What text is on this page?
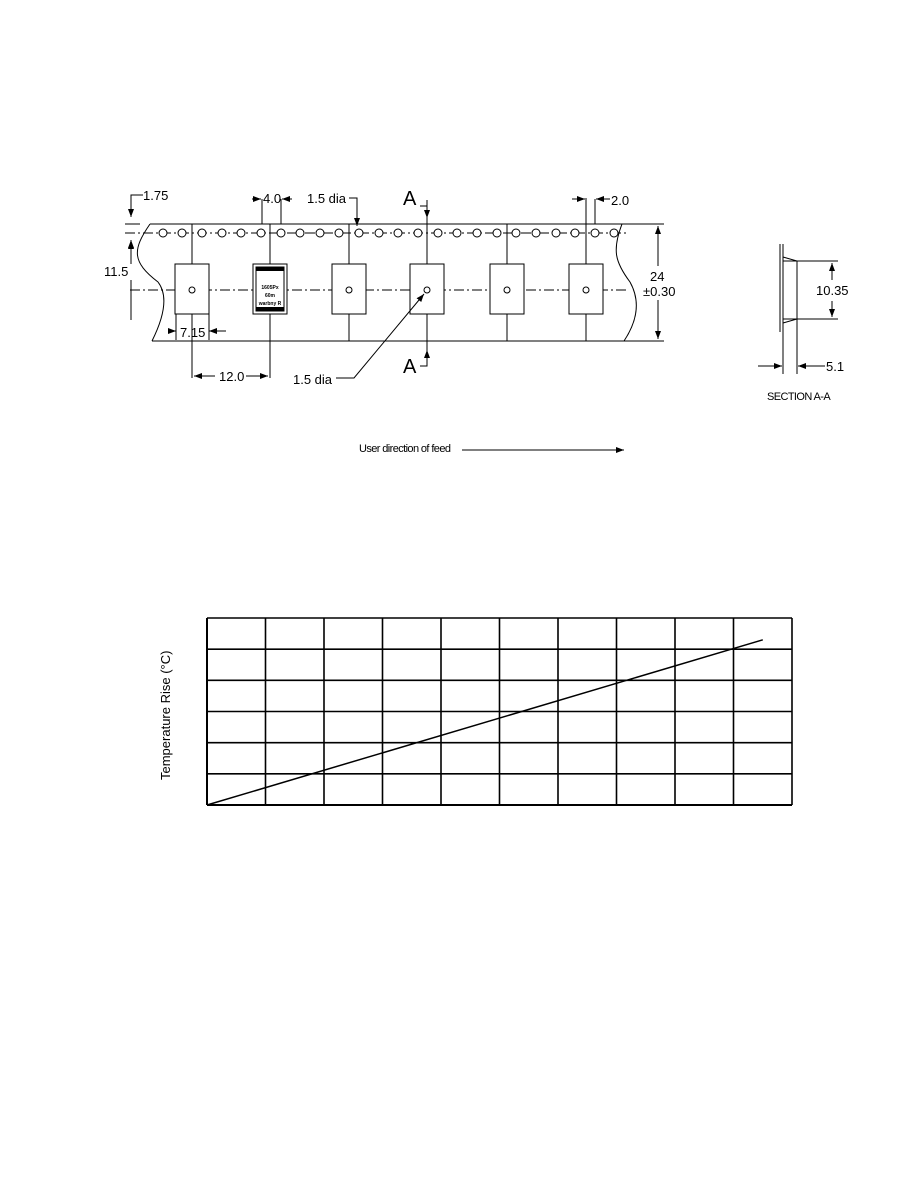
1605Px
60m
warbny R
1.75	4.0 1.5 dia	A	2.0
11.5	24
±0.30
7.15
A
12.0	1.5 dia
User direction of feed
10.35
5.1
SECTION A-A
Temperature Rise (°C)
